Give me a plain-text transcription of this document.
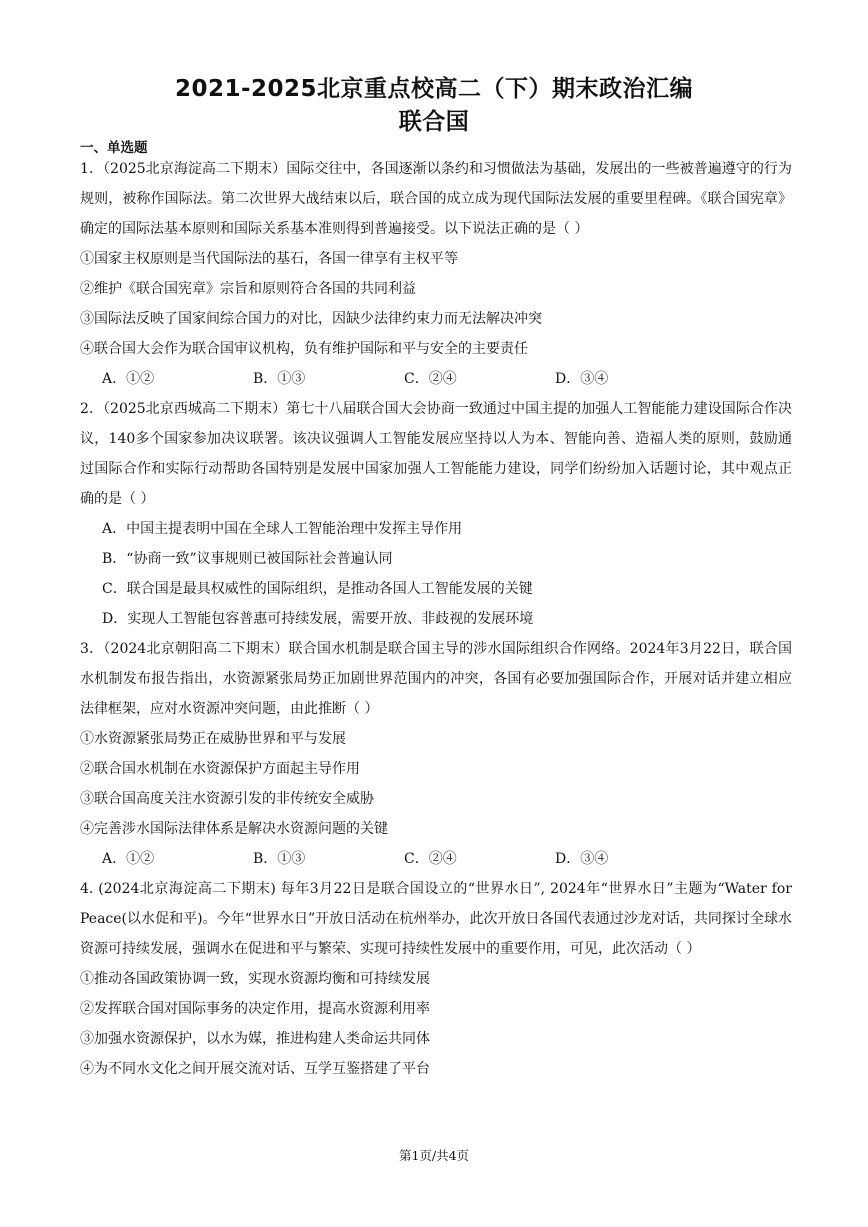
2021-2025北京重点校高二（下）期末政治汇编
联合国
一、单选题

1．（2025北京海淀高二下期末）国际交往中，各国逐渐以条约和习惯做法为基础，发展出的一些被普遍遵守的行为规则，被称作国际法。第二次世界大战结束以后，联合国的成立成为现代国际法发展的重要里程碑。《联合国宪章》确定的国际法基本原则和国际关系基本准则得到普遍接受。以下说法正确的是（ ）

①国家主权原则是当代国际法的基石，各国一律享有主权平等

②维护《联合国宪章》宗旨和原则符合各国的共同利益

③国际法反映了国家间综合国力的对比，因缺少法律约束力而无法解决冲突

④联合国大会作为联合国审议机构，负有维护国际和平与安全的主要责任

A．①②	B．①③	C．②④	D．③④

2．（2025北京西城高二下期末）第七十八届联合国大会协商一致通过中国主提的加强人工智能能力建设国际合作决议，140多个国家参加决议联署。该决议强调人工智能发展应坚持以人为本、智能向善、造福人类的原则，鼓励通过国际合作和实际行动帮助各国特别是发展中国家加强人工智能能力建设，同学们纷纷加入话题讨论，其中观点正确的是（ ）

A．中国主提表明中国在全球人工智能治理中发挥主导作用

B．“协商一致”议事规则已被国际社会普遍认同

C．联合国是最具权威性的国际组织，是推动各国人工智能发展的关键

D．实现人工智能包容普惠可持续发展，需要开放、非歧视的发展环境

3．（2024北京朝阳高二下期末）联合国水机制是联合国主导的涉水国际组织合作网络。2024年3月22日，联合国水机制发布报告指出，水资源紧张局势正加剧世界范围内的冲突，各国有必要加强国际合作，开展对话并建立相应法律框架，应对水资源冲突问题，由此推断（ ）

①水资源紧张局势正在威胁世界和平与发展

②联合国水机制在水资源保护方面起主导作用

③联合国高度关注水资源引发的非传统安全威胁

④完善涉水国际法律体系是解决水资源问题的关键

A．①②	B．①③	C．②④	D．③④

4. (2024北京海淀高二下期末) 每年3月22日是联合国设立的“世界水日”, 2024年“世界水日”主题为“Water for Peace(以水促和平)。今年“世界水日”开放日活动在杭州举办，此次开放日各国代表通过沙龙对话，共同探讨全球水资源可持续发展，强调水在促进和平与繁荣、实现可持续性发展中的重要作用，可见，此次活动（ ）

①推动各国政策协调一致，实现水资源均衡和可持续发展

②发挥联合国对国际事务的决定作用，提高水资源利用率

③加强水资源保护，以水为媒，推进构建人类命运共同体

④为不同水文化之间开展交流对话、互学互鉴搭建了平台

第1页/共4页
